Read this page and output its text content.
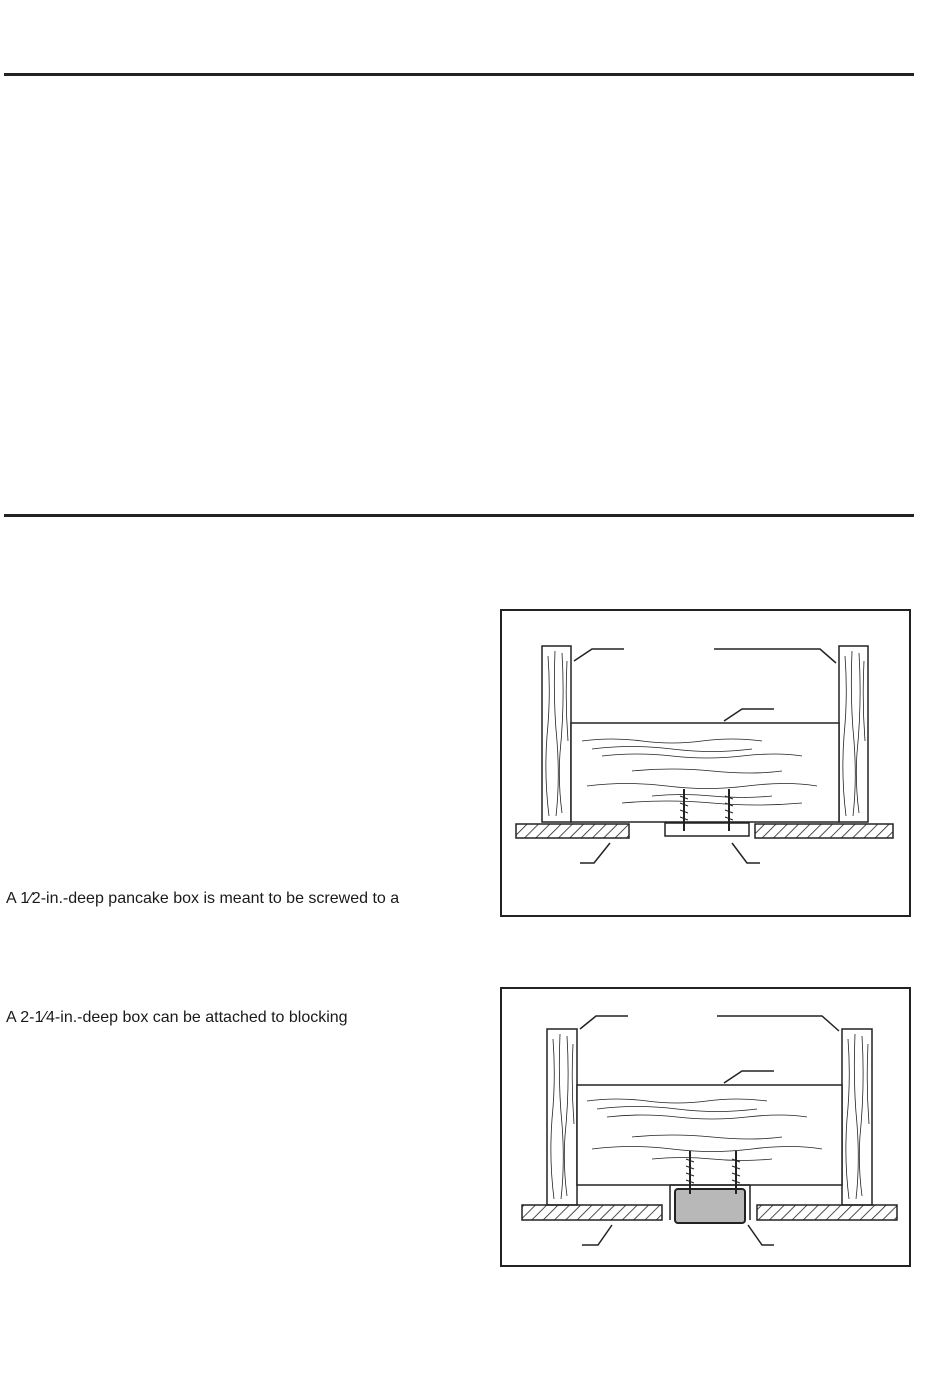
A 1⁄2-in.-deep pancake box is meant to be screwed to a
A 2-1⁄4-in.-deep box can be attached to blocking
